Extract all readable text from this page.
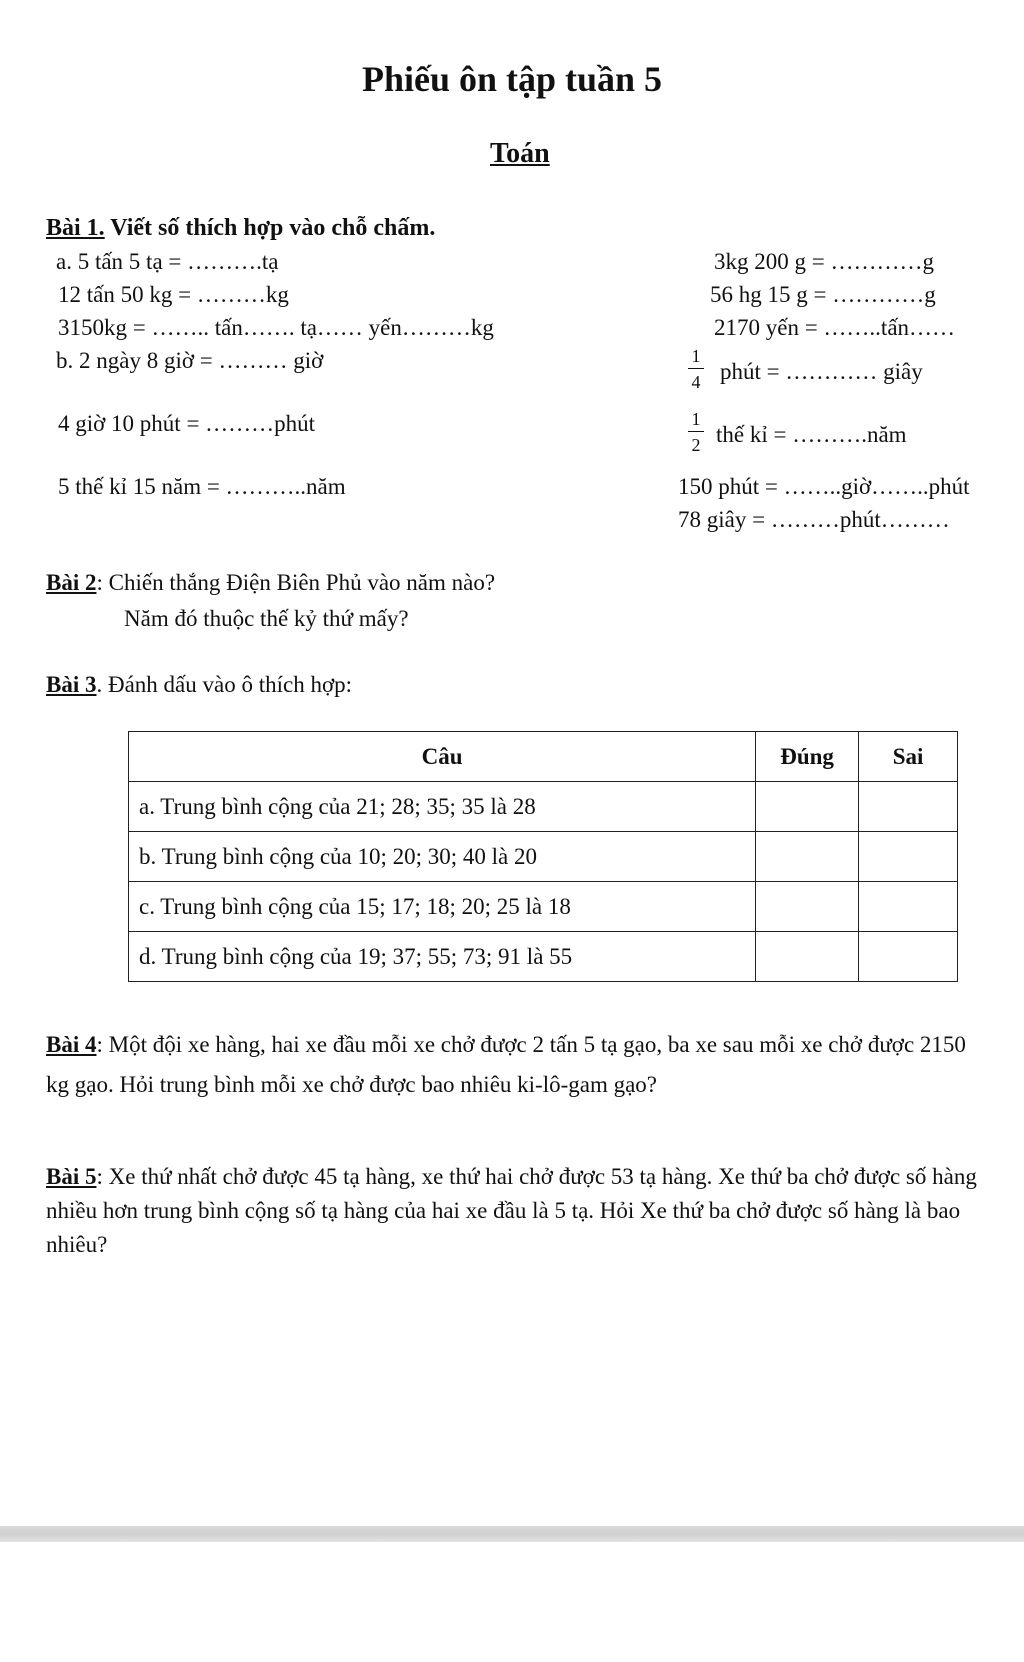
Phiếu ôn tập tuần 5
Toán
Bài 1. Viết số thích hợp vào chỗ chấm.
a. 5 tấn 5 tạ = ……….tạ
12 tấn 50 kg = ………kg
3150kg = …….. tấn……. tạ…… yến………kg
b. 2 ngày 8 giờ = ……… giờ
4 giờ 10 phút = ………phút
5 thế kỉ 15 năm = ………..năm
3kg 200 g = …………g
56 hg 15 g = …………g
2170 yến = ……..tấn……
$\frac{1}{4}$ phút = ………… giây
$\frac{1}{2}$ thế kỉ = ……….năm
150 phút = ……..giờ……..phút
78 giây = ………phút………
Bài 2: Chiến thắng Điện Biên Phủ vào năm nào?
Năm đó thuộc thế kỷ thứ mấy?
Bài 3. Đánh dấu vào ô thích hợp:
Câu	Đúng	Sai
a. Trung bình cộng của 21; 28; 35; 35 là 28		
b. Trung bình cộng của 10; 20; 30; 40 là 20		
c. Trung bình cộng của 15; 17; 18; 20; 25 là 18		
d. Trung bình cộng của 19; 37; 55; 73; 91 là 55		
Bài 4: Một đội xe hàng, hai xe đầu mỗi xe chở được 2 tấn 5 tạ gạo, ba xe sau mỗi xe chở được 2150 kg gạo. Hỏi trung bình mỗi xe chở được bao nhiêu ki-lô-gam gạo?
Bài 5: Xe thứ nhất chở được 45 tạ hàng, xe thứ hai chở được 53 tạ hàng. Xe thứ ba chở được số hàng nhiều hơn trung bình cộng số tạ hàng của hai xe đầu là 5 tạ. Hỏi Xe thứ ba chở được số hàng là bao nhiêu?
